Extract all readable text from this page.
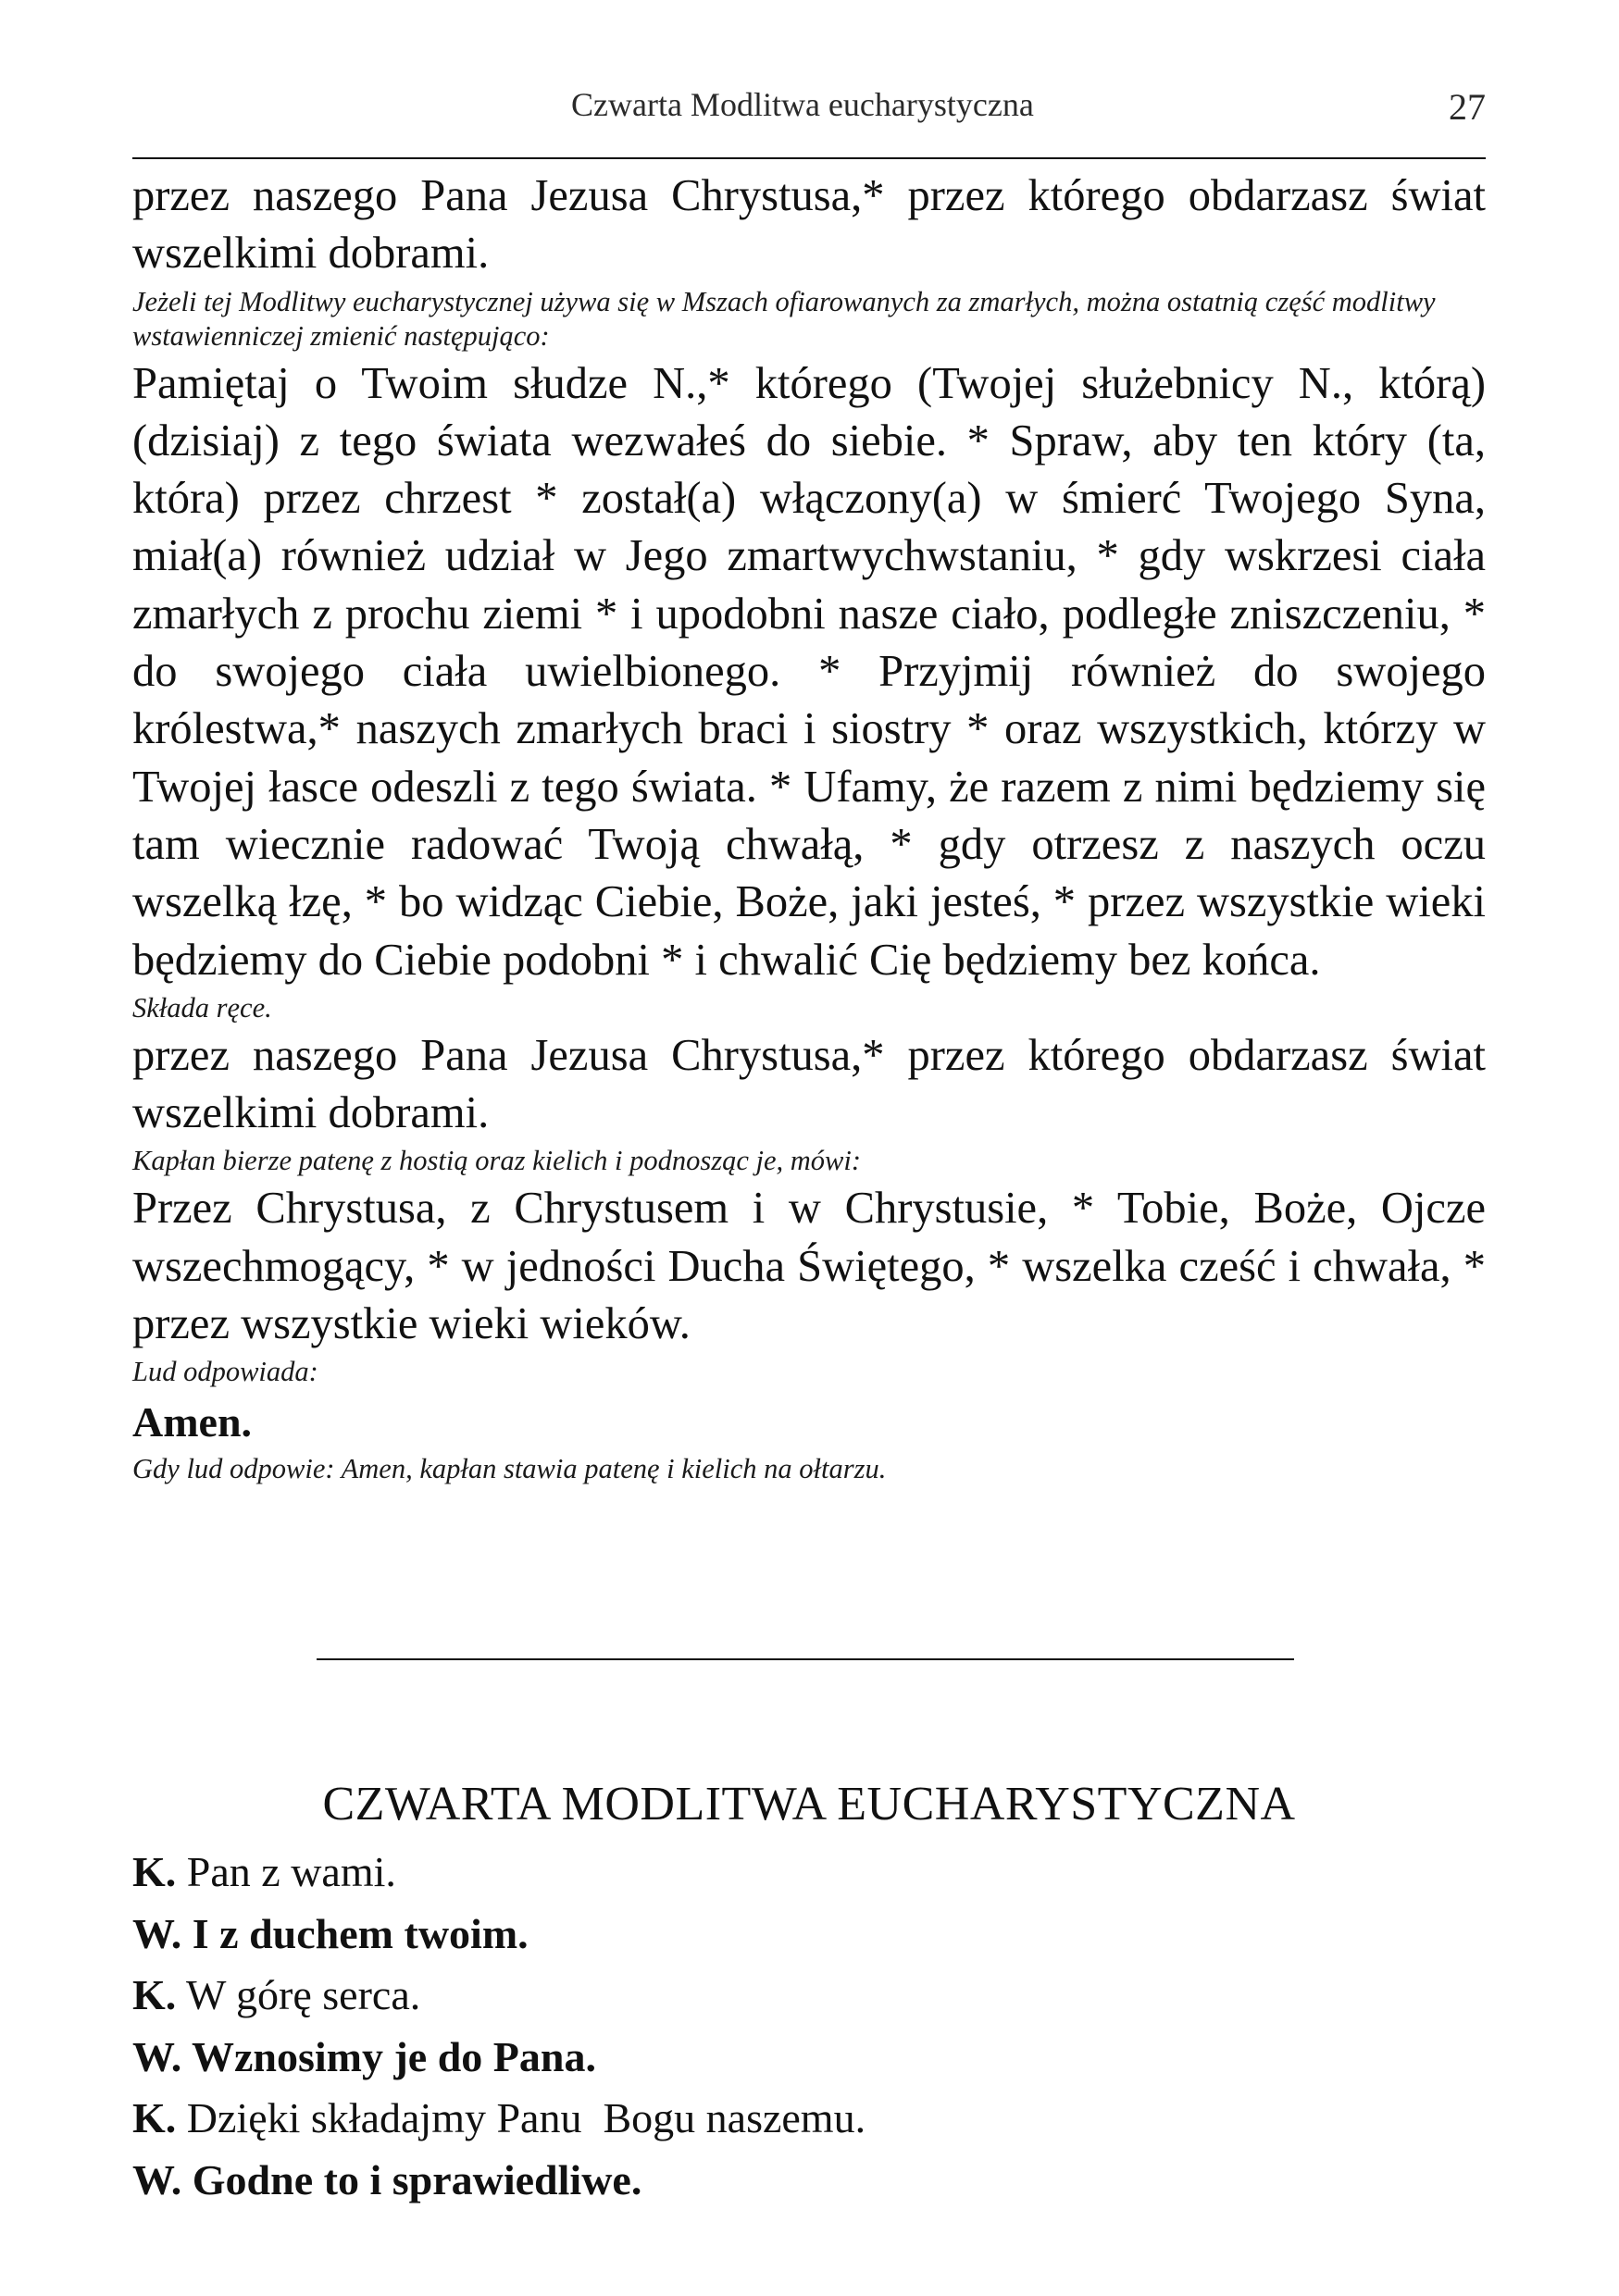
Czwarta Modlitwa eucharystyczna	27

przez naszego Pana Jezusa Chrystusa,* przez którego obdarzasz świat wszelkimi dobrami.

Jeżeli tej Modlitwy eucharystycznej używa się w Mszach ofiarowanych za zmarłych, można ostatnią część modlitwy wstawienniczej zmienić następująco:

Pamiętaj o Twoim słudze N.,* którego (Twojej służebnicy N., którą) (dzisiaj) z tego świata wezwałeś do siebie. * Spraw, aby ten który (ta, która) przez chrzest * został(a) włączony(a) w śmierć Twojego Syna, miał(a) również udział w Jego zmartwychwstaniu, * gdy wskrzesi ciała zmarłych z prochu ziemi * i upodobni nasze ciało, podległe zniszczeniu, * do swojego ciała uwielbionego. * Przyjmij również do swojego królestwa,* naszych zmarłych braci i siostry * oraz wszystkich, którzy w Twojej łasce odeszli z tego świata. * Ufamy, że razem z nimi będziemy się tam wiecznie radować Twoją chwałą, * gdy otrzesz z naszych oczu wszelką łzę, * bo widząc Ciebie, Boże, jaki jesteś, * przez wszystkie wieki będziemy do Ciebie podobni * i chwalić Cię będziemy bez końca.

Składa ręce.

przez naszego Pana Jezusa Chrystusa,* przez którego obdarzasz świat wszelkimi dobrami.

Kapłan bierze patenę z hostią oraz kielich i podnosząc je, mówi:

Przez Chrystusa, z Chrystusem i w Chrystusie, * Tobie, Boże, Ojcze wszechmogący, * w jedności Ducha Świętego, * wszelka cześć i chwała, * przez wszystkie wieki wieków.

Lud odpowiada:

Amen.

Gdy lud odpowie: Amen, kapłan stawia patenę i kielich na ołtarzu.

CZWARTA MODLITWA EUCHARYSTYCZNA

K. Pan z wami.

W. I z duchem twoim.

K. W górę serca.

W. Wznosimy je do Pana.

K. Dzięki składajmy Panu  Bogu naszemu.

W. Godne to i sprawiedliwe.
